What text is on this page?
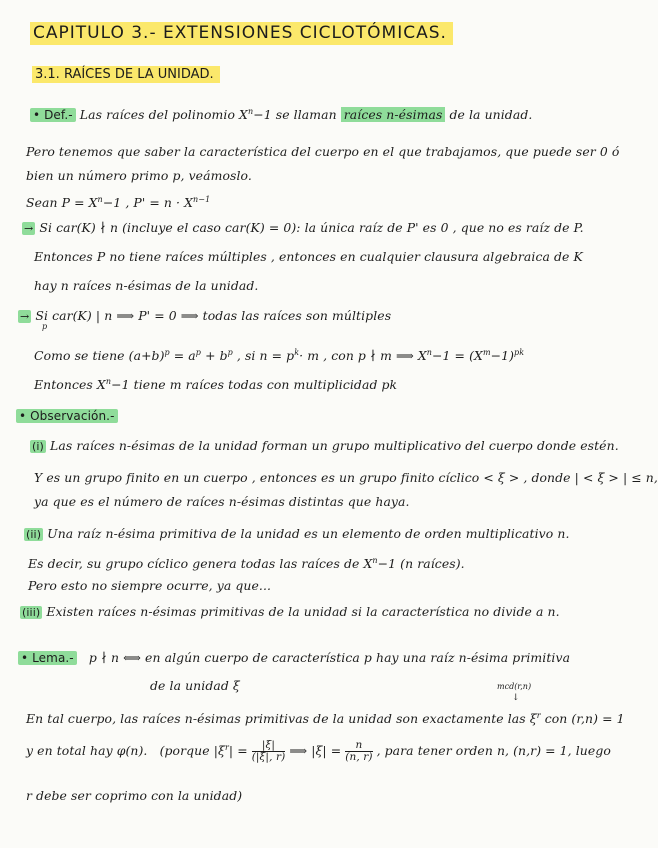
CAPITULO 3.- EXTENSIONES CICLOTÓMICAS.
3.1. RAÍCES DE LA UNIDAD.
• Def.- Las raíces del polinomio $X^n-1$ se llaman raíces n-ésimas de la unidad.
Pero tenemos que saber la característica del cuerpo en el que trabajamos, que puede ser 0 ó
bien un número primo p, veámoslo.
Sean $P = X^n-1$ , $P' = n \cdot X^{n-1}$
→ Si car(K) ∤ n (incluye el caso car(K) = 0): la única raíz de P' es 0 , que no es raíz de P.
Entonces P no tiene raíces múltiples , entonces en cualquier clausura algebraica de K
hay n raíces n-ésimas de la unidad.
→ Si car(K) | n ⟹ P' = 0 ⟹ todas las raíces son múltiples
p
Como se tiene $(a+b)^p = a^p + b^p$ , si $n = p^k\cdot m$ , con p ∤ m ⟹ $X^n-1 = (X^m-1)^{pk}$
Entonces $X^n-1$ tiene m raíces todas con multiplicidad pk
• Observación.-
(i) Las raíces n-ésimas de la unidad forman un grupo multiplicativo del cuerpo donde estén.
Y es un grupo finito en un cuerpo , entonces es un grupo finito cíclico < ξ > , donde | < ξ > | ≤ n,
ya que es el número de raíces n-ésimas distintas que haya.
(ii) Una raíz n-ésima primitiva de la unidad es un elemento de orden multiplicativo n.
Es decir, su grupo cíclico genera todas las raíces de $X^n-1$ (n raíces).
Pero esto no siempre ocurre, ya que...
(iii) Existen raíces n-ésimas primitivas de la unidad si la característica no divide a n.
• Lema.- p ∤ n ⟺ en algún cuerpo de característica p hay una raíz n-ésima primitiva
de la unidad ξ	mcd(r,n)
↓
En tal cuerpo, las raíces n-ésimas primitivas de la unidad son exactamente las $\xi^r$ con (r,n) = 1
y en total hay φ(n). (porque $|\xi^r| = \frac{|\xi|}{(|\xi|, r)}$ ⟹ $|\xi| = \frac{n}{(n, r)}$ , para tener orden n, (n,r) = 1, luego
r debe ser coprimo con la unidad)
